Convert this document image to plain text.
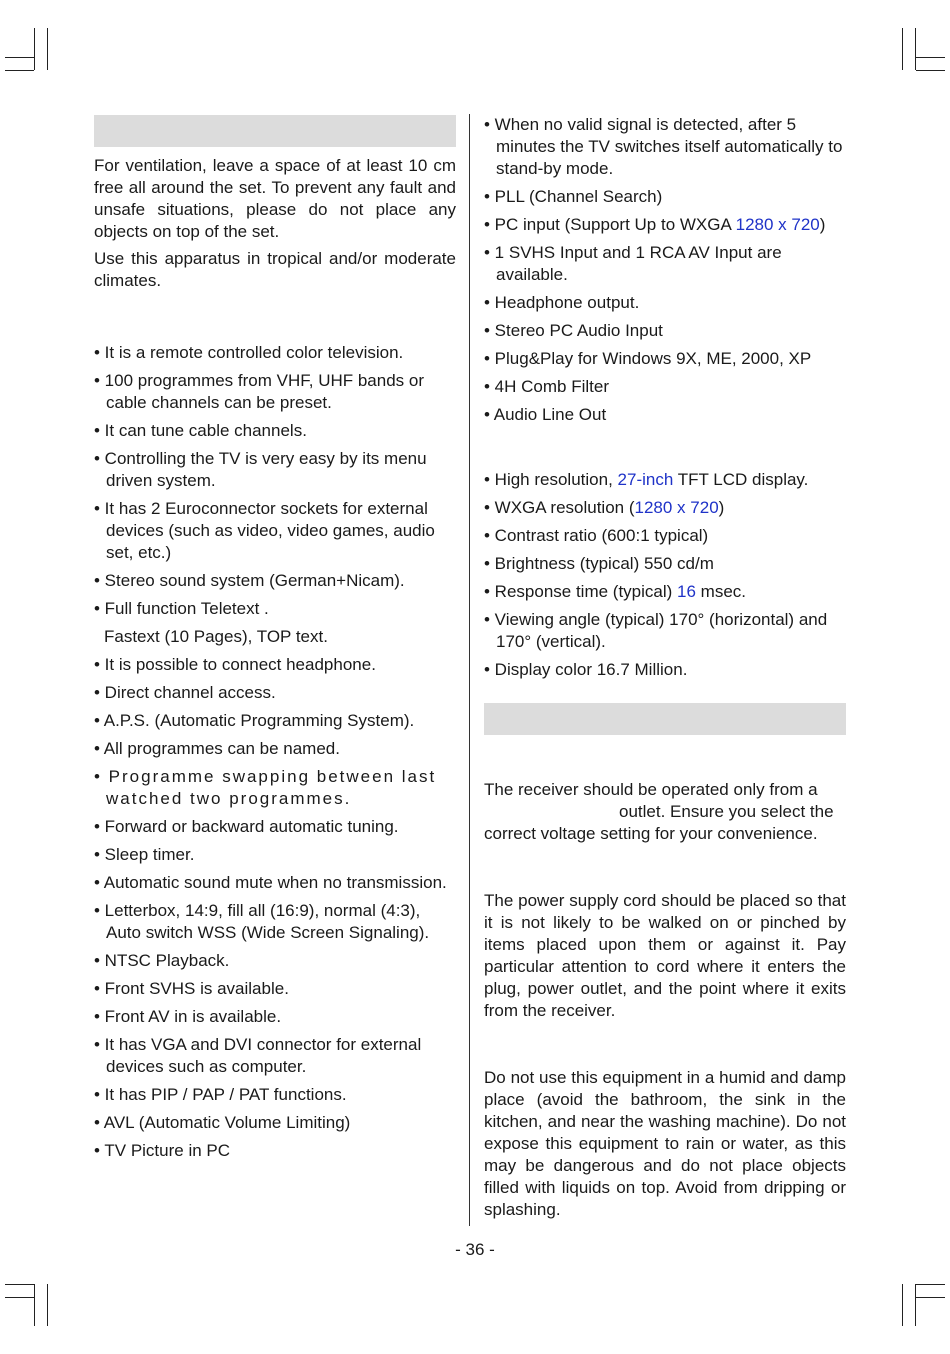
For ventilation, leave a space of at least 10 cm free all around the set. To prevent any fault and unsafe situations, please do not place any objects on top of the set.

Use this apparatus in tropical and/or moderate climates.

• It is a remote controlled color television.
• 100 programmes from VHF, UHF bands or cable channels can be preset.
• It can tune cable channels.
• Controlling the TV is very easy by its menu driven system.
• It has 2 Euroconnector sockets for external devices (such as video, video games, audio set, etc.)
• Stereo sound system (German+Nicam).
• Full function Teletext .
Fastext (10 Pages), TOP text.
• It is possible to connect headphone.
• Direct channel access.
• A.P.S. (Automatic Programming System).
• All programmes can be named.
• Programme swapping between last watched two programmes.
• Forward or backward automatic tuning.
• Sleep timer.
• Automatic sound mute when no transmission.
• Letterbox, 14:9, fill all (16:9), normal (4:3), Auto switch WSS (Wide Screen Signaling).
• NTSC Playback.
• Front SVHS is available.
• Front AV in is available.
• It has VGA and DVI connector for external devices such as computer.
• It has PIP / PAP / PAT functions.
• AVL (Automatic Volume Limiting)
• TV Picture in PC
• When no valid signal is detected, after 5 minutes the TV switches itself automatically to stand-by mode.
• PLL (Channel Search)
• PC input (Support Up to WXGA 1280 x 720)
• 1 SVHS Input and 1 RCA AV Input are available.
• Headphone output.
• Stereo PC Audio Input
• Plug&Play for Windows 9X, ME, 2000, XP
• 4H Comb Filter
• Audio Line Out
• High resolution, 27-inch TFT LCD display.
• WXGA resolution (1280 x 720)
• Contrast ratio (600:1 typical)
• Brightness (typical) 550 cd/m
• Response time (typical) 16 msec.
• Viewing angle (typical) 170° (horizontal) and 170° (vertical).
• Display color 16.7 Million.

The receiver should be operated only from a

outlet. Ensure you select the

correct voltage setting for your convenience.

The power supply cord should be placed so that it is not likely to be walked on or pinched by items placed upon them or against it. Pay particular attention to cord where it enters the plug, power outlet, and the point where it exits from the receiver.

Do not use this equipment in a humid and damp place (avoid the bathroom, the sink in the kitchen, and near the washing machine). Do not expose this equipment to rain or water, as this may be dangerous and do not place objects filled with liquids on top. Avoid from dripping or splashing.

- 36 -
